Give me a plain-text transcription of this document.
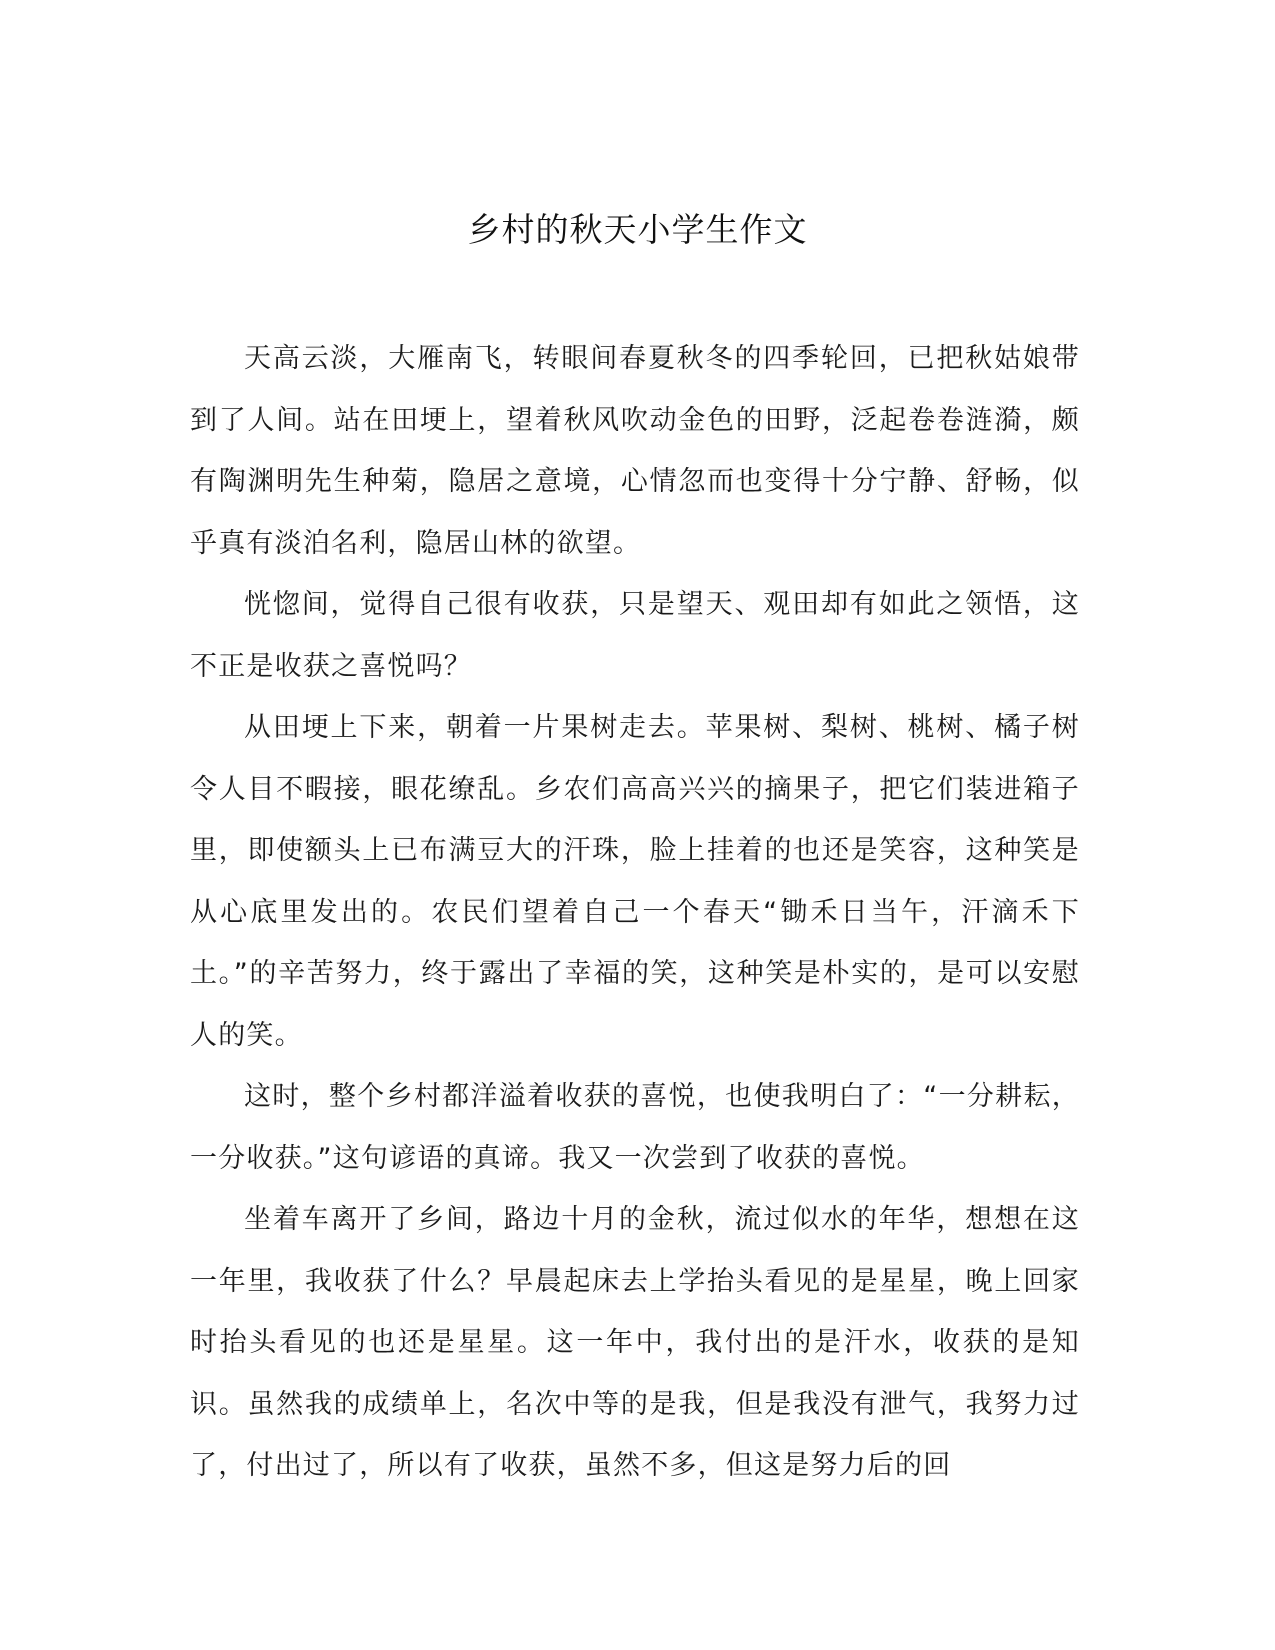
乡村的秋天小学生作文

天高云淡，大雁南飞，转眼间春夏秋冬的四季轮回，已把秋姑娘带到了人间。站在田埂上，望着秋风吹动金色的田野，泛起卷卷涟漪，颇有陶渊明先生种菊，隐居之意境，心情忽而也变得十分宁静、舒畅，似乎真有淡泊名利，隐居山林的欲望。

恍惚间，觉得自己很有收获，只是望天、观田却有如此之领悟，这不正是收获之喜悦吗？

从田埂上下来，朝着一片果树走去。苹果树、梨树、桃树、橘子树令人目不暇接，眼花缭乱。乡农们高高兴兴的摘果子，把它们装进箱子里，即使额头上已布满豆大的汗珠，脸上挂着的也还是笑容，这种笑是从心底里发出的。农民们望着自己一个春天“锄禾日当午，汗滴禾下土。”的辛苦努力，终于露出了幸福的笑，这种笑是朴实的，是可以安慰人的笑。

这时，整个乡村都洋溢着收获的喜悦，也使我明白了：“一分耕耘，一分收获。”这句谚语的真谛。我又一次尝到了收获的喜悦。

坐着车离开了乡间，路边十月的金秋，流过似水的年华，想想在这一年里，我收获了什么？早晨起床去上学抬头看见的是星星，晚上回家时抬头看见的也还是星星。这一年中，我付出的是汗水，收获的是知识。虽然我的成绩单上，名次中等的是我，但是我没有泄气，我努力过了，付出过了，所以有了收获，虽然不多，但这是努力后的回
